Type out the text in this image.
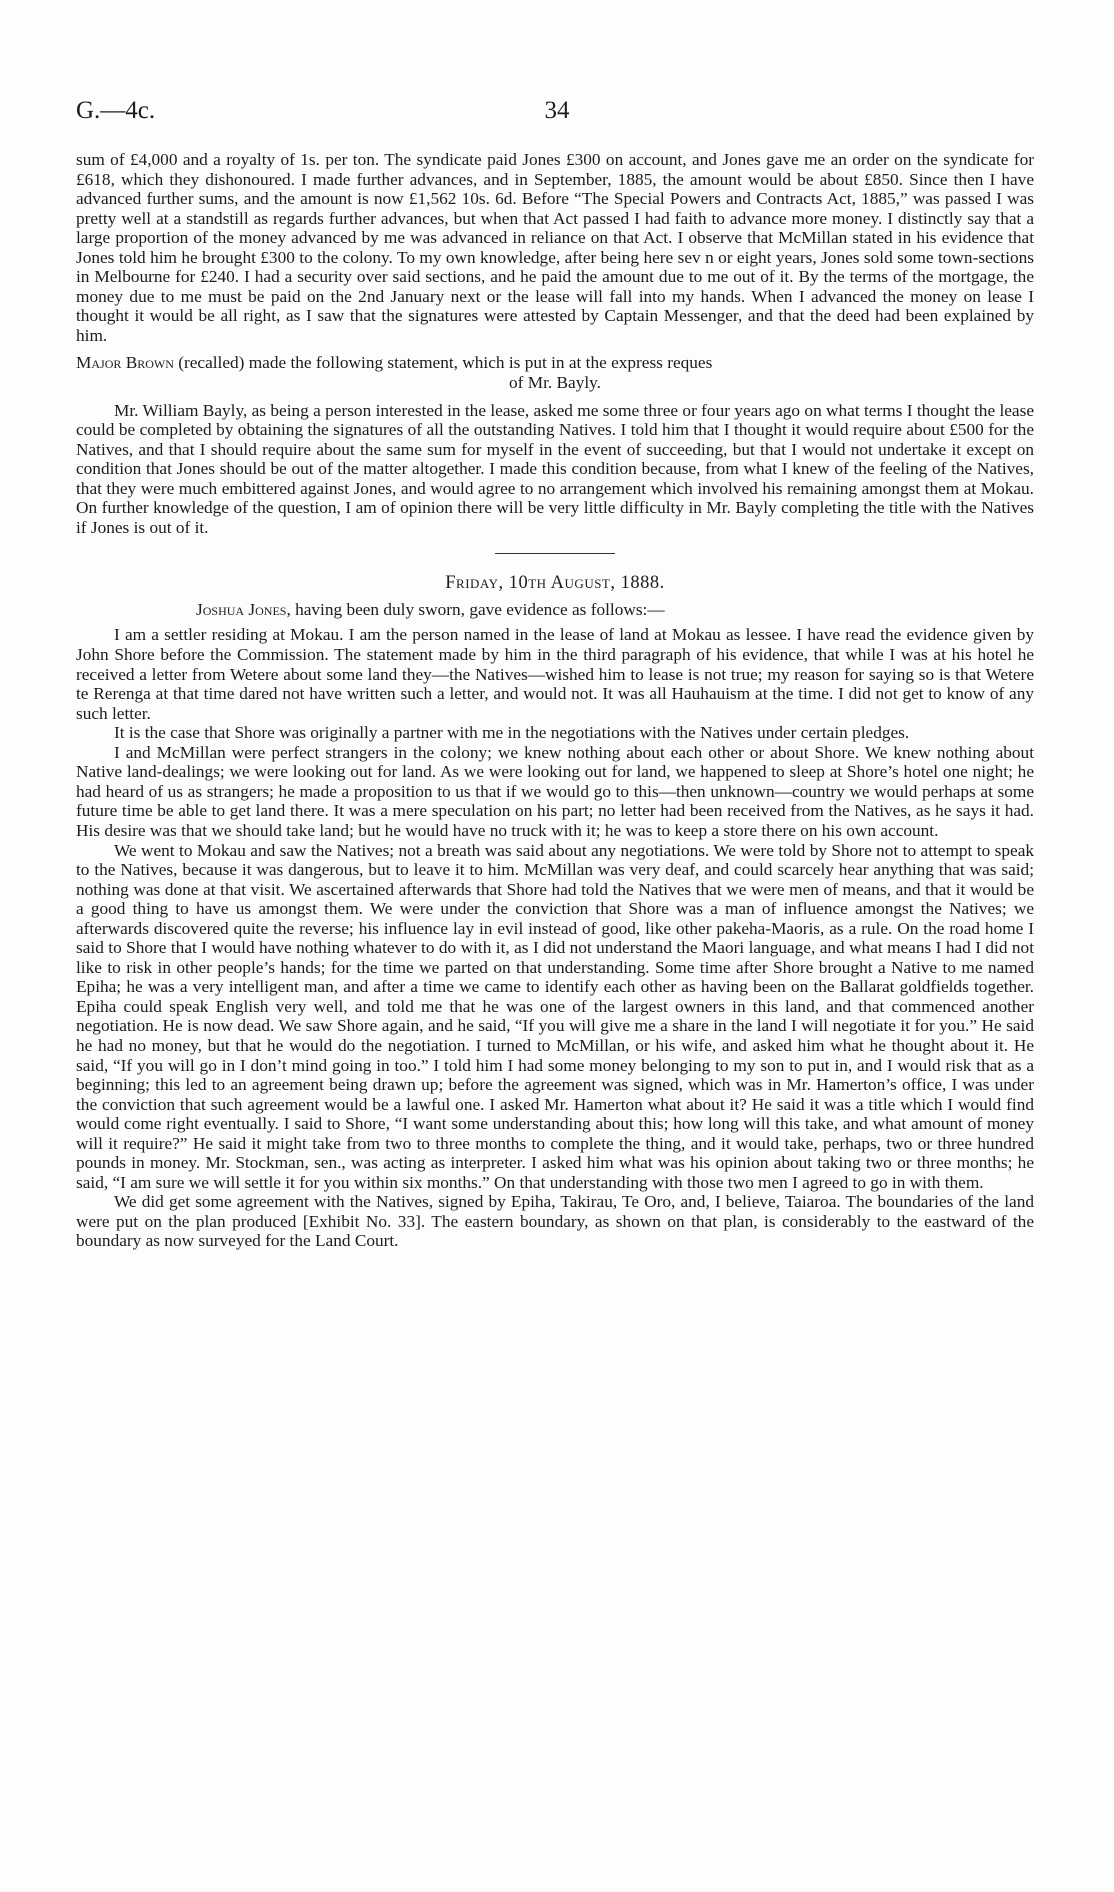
G.—4c.	34

sum of £4,000 and a royalty of 1s. per ton. The syndicate paid Jones £300 on account, and Jones gave me an order on the syndicate for £618, which they dishonoured. I made further advances, and in September, 1885, the amount would be about £850. Since then I have advanced further sums, and the amount is now £1,562 10s. 6d. Before “The Special Powers and Contracts Act, 1885,” was passed I was pretty well at a standstill as regards further advances, but when that Act passed I had faith to advance more money. I distinctly say that a large proportion of the money advanced by me was advanced in reliance on that Act. I observe that McMillan stated in his evidence that Jones told him he brought £300 to the colony. To my own knowledge, after being here sev n or eight years, Jones sold some town-sections in Melbourne for £240. I had a security over said sections, and he paid the amount due to me out of it. By the terms of the mortgage, the money due to me must be paid on the 2nd January next or the lease will fall into my hands. When I advanced the money on lease I thought it would be all right, as I saw that the signatures were attested by Captain Messenger, and that the deed had been explained by him.

Major Brown (recalled) made the following statement, which is put in at the express reques

of Mr. Bayly.

Mr. William Bayly, as being a person interested in the lease, asked me some three or four years ago on what terms I thought the lease could be completed by obtaining the signatures of all the outstanding Natives. I told him that I thought it would require about £500 for the Natives, and that I should require about the same sum for myself in the event of succeeding, but that I would not undertake it except on condition that Jones should be out of the matter altogether. I made this condition because, from what I knew of the feeling of the Natives, that they were much embittered against Jones, and would agree to no arrangement which involved his remaining amongst them at Mokau. On further knowledge of the question, I am of opinion there will be very little difficulty in Mr. Bayly completing the title with the Natives if Jones is out of it.

Friday, 10th August, 1888.

Joshua Jones, having been duly sworn, gave evidence as follows:—

I am a settler residing at Mokau. I am the person named in the lease of land at Mokau as lessee. I have read the evidence given by John Shore before the Commission. The statement made by him in the third paragraph of his evidence, that while I was at his hotel he received a letter from Wetere about some land they—the Natives—wished him to lease is not true; my reason for saying so is that Wetere te Rerenga at that time dared not have written such a letter, and would not. It was all Hauhauism at the time. I did not get to know of any such letter.

It is the case that Shore was originally a partner with me in the negotiations with the Natives under certain pledges.

I and McMillan were perfect strangers in the colony; we knew nothing about each other or about Shore. We knew nothing about Native land-dealings; we were looking out for land. As we were looking out for land, we happened to sleep at Shore’s hotel one night; he had heard of us as strangers; he made a proposition to us that if we would go to this—then unknown—country we would perhaps at some future time be able to get land there. It was a mere speculation on his part; no letter had been received from the Natives, as he says it had. His desire was that we should take land; but he would have no truck with it; he was to keep a store there on his own account.

We went to Mokau and saw the Natives; not a breath was said about any negotiations. We were told by Shore not to attempt to speak to the Natives, because it was dangerous, but to leave it to him. McMillan was very deaf, and could scarcely hear anything that was said; nothing was done at that visit. We ascertained afterwards that Shore had told the Natives that we were men of means, and that it would be a good thing to have us amongst them. We were under the conviction that Shore was a man of influence amongst the Natives; we afterwards discovered quite the reverse; his influence lay in evil instead of good, like other pakeha-Maoris, as a rule. On the road home I said to Shore that I would have nothing whatever to do with it, as I did not understand the Maori language, and what means I had I did not like to risk in other people’s hands; for the time we parted on that understanding. Some time after Shore brought a Native to me named Epiha; he was a very intelligent man, and after a time we came to identify each other as having been on the Ballarat goldfields together. Epiha could speak English very well, and told me that he was one of the largest owners in this land, and that commenced another negotiation. He is now dead. We saw Shore again, and he said, “If you will give me a share in the land I will negotiate it for you.” He said he had no money, but that he would do the negotiation. I turned to McMillan, or his wife, and asked him what he thought about it. He said, “If you will go in I don’t mind going in too.” I told him I had some money belonging to my son to put in, and I would risk that as a beginning; this led to an agreement being drawn up; before the agreement was signed, which was in Mr. Hamerton’s office, I was under the conviction that such agreement would be a lawful one. I asked Mr. Hamerton what about it? He said it was a title which I would find would come right eventually. I said to Shore, “I want some understanding about this; how long will this take, and what amount of money will it require?” He said it might take from two to three months to complete the thing, and it would take, perhaps, two or three hundred pounds in money. Mr. Stockman, sen., was acting as interpreter. I asked him what was his opinion about taking two or three months; he said, “I am sure we will settle it for you within six months.” On that understanding with those two men I agreed to go in with them.

We did get some agreement with the Natives, signed by Epiha, Takirau, Te Oro, and, I believe, Taiaroa. The boundaries of the land were put on the plan produced [Exhibit No. 33]. The eastern boundary, as shown on that plan, is considerably to the eastward of the boundary as now surveyed for the Land Court.
